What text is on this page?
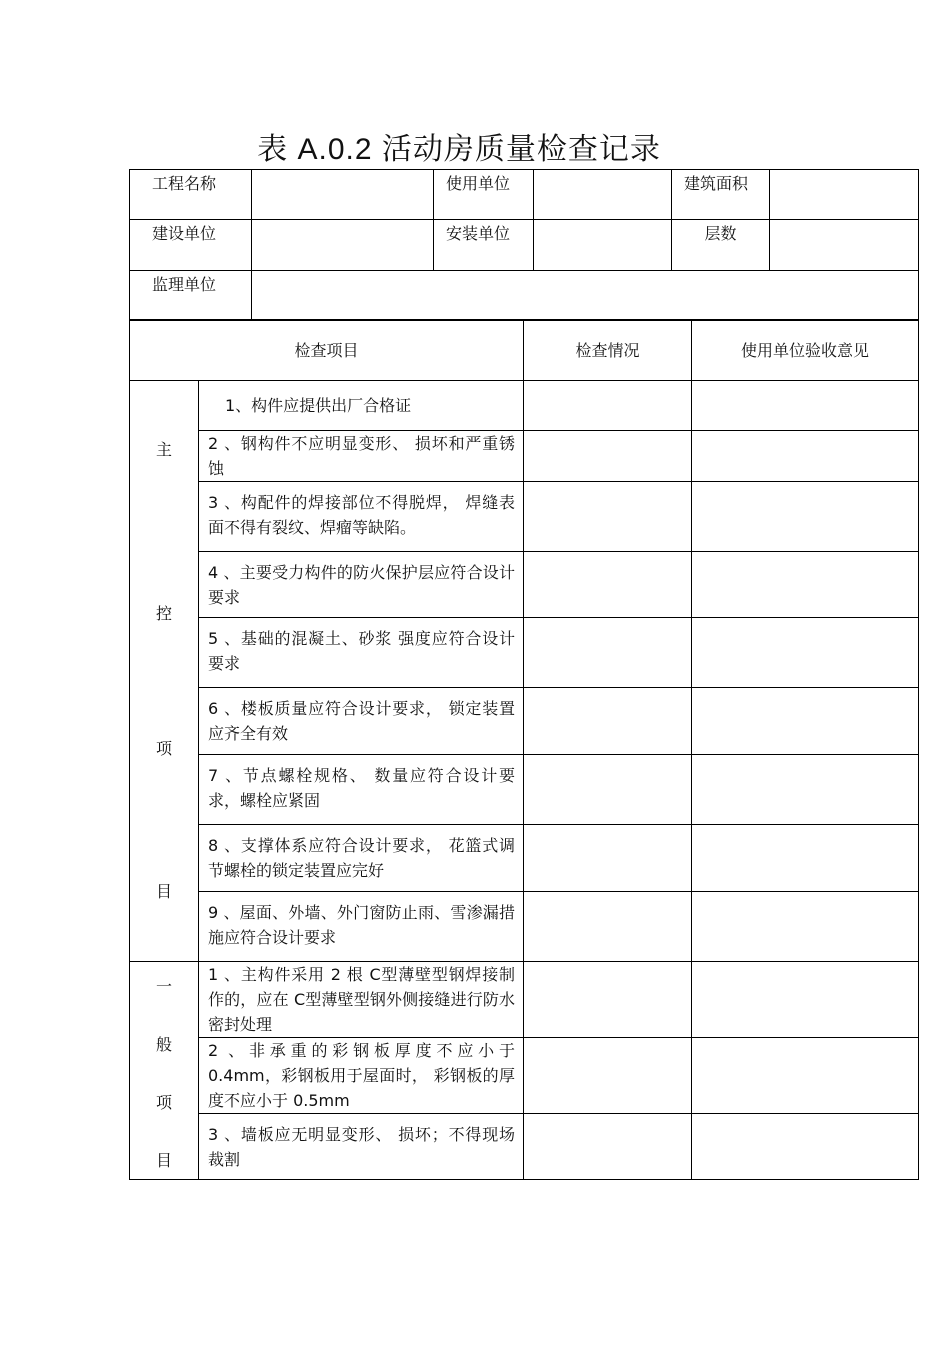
表 A.0.2 活动房质量检查记录
工程名称		使用单位		建筑面积	
建设单位		安装单位		层数	
监理单位					
检查项目		检查情况	使用单位验收意见

主
控
项
目	1、构件应提供出厂合格证		
	2 、钢构件不应明显变形、 损坏和严重锈蚀		
	3 、构配件的焊接部位不得脱焊， 焊缝表面不得有裂纹、焊瘤等缺陷。		
	4 、主要受力构件的防火保护层应符合设计要求		
	5 、基础的混凝土、砂浆 强度应符合设计要求		
	6 、楼板质量应符合设计要求， 锁定装置应齐全有效		
	7 、节点螺栓规格、 数量应符合设计要求，螺栓应紧固		
	8 、支撑体系应符合设计要求， 花篮式调节螺栓的锁定装置应完好		
	9 、屋面、外墙、外门窗防止雨、雪渗漏措施应符合设计要求		

一
般
项
目	1 、主构件采用 2 根 C型薄壁型钢焊接制作的，应在 C型薄壁型钢外侧接缝进行防水密封处理		
	2 、非承重的彩钢板厚度不应小于0.4mm，彩钢板用于屋面时， 彩钢板的厚度不应小于 0.5mm		
	3 、墙板应无明显变形、 损坏；不得现场裁割		
